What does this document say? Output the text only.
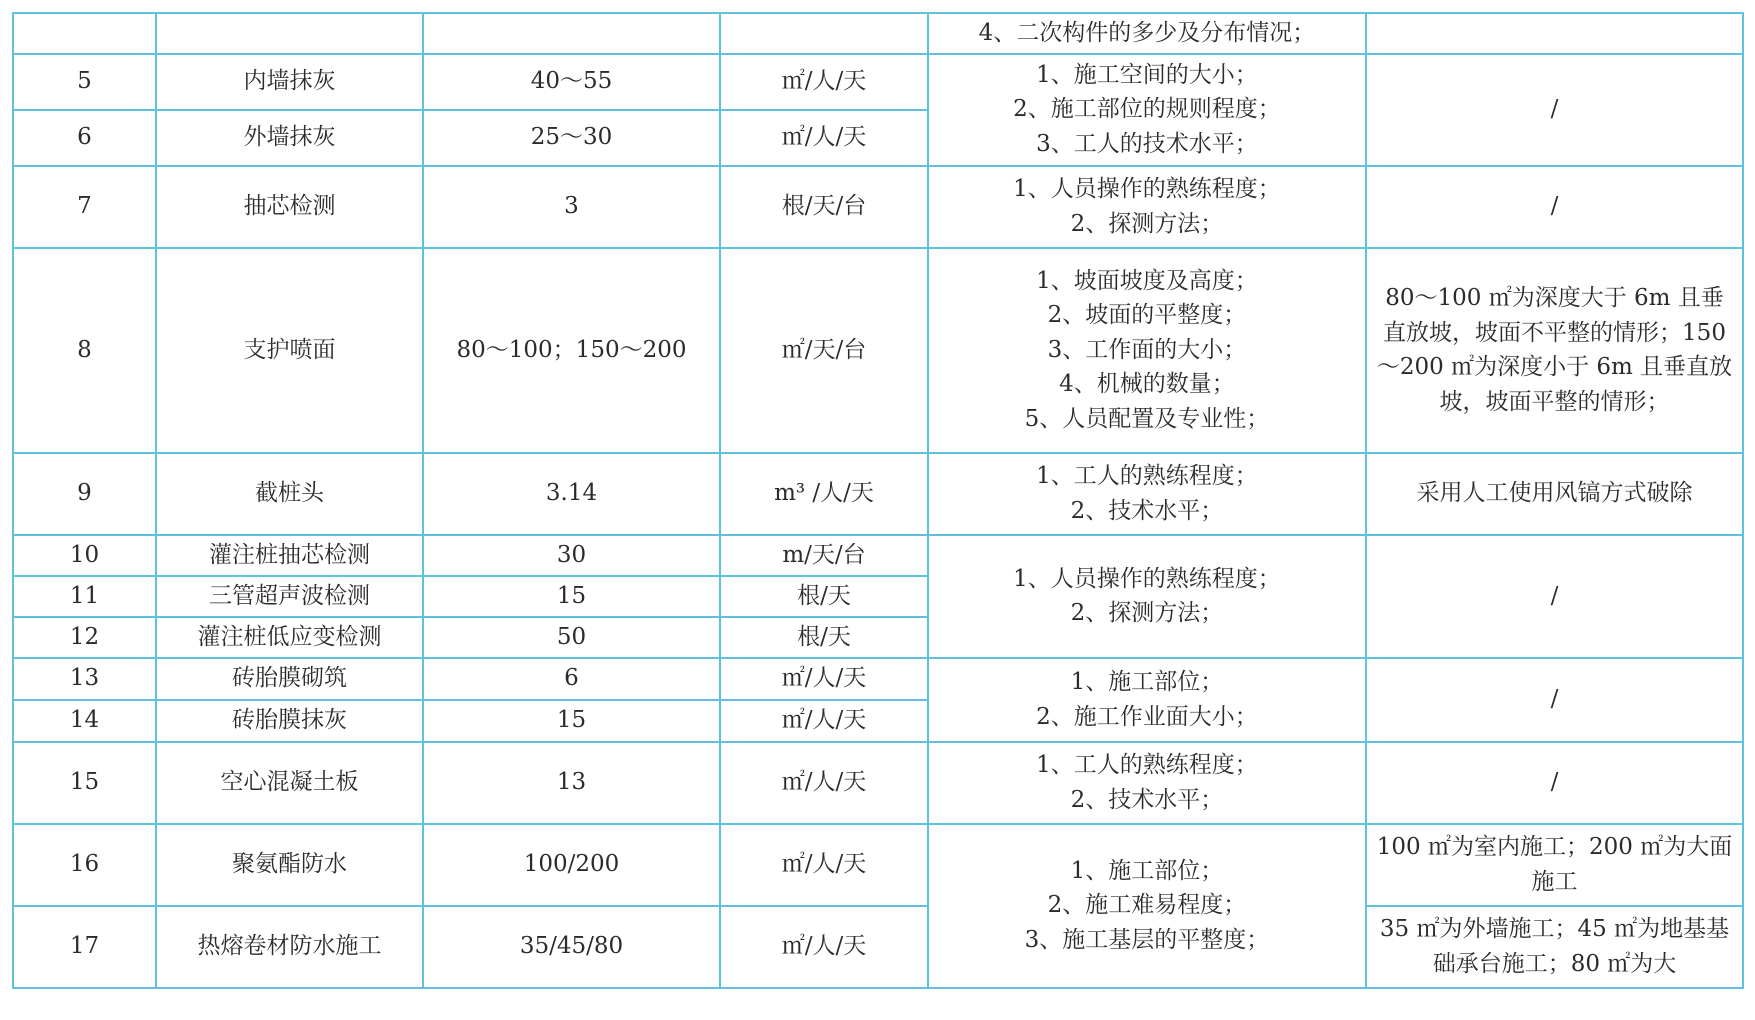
				4、二次构件的多少及分布情况；	
5	内墙抹灰	40～55	㎡/人/天	1、施工空间的大小；
2、施工部位的规则程度；
3、工人的技术水平；	/
6	外墙抹灰	25～30	㎡/人/天		
7	抽芯检测	3	根/天/台	1、人员操作的熟练程度；
2、探测方法；	/
8	支护喷面	80～100；150～200	㎡/天/台	1、坡面坡度及高度；
2、坡面的平整度；
3、工作面的大小；
4、机械的数量；
5、人员配置及专业性；	80～100 ㎡为深度大于 6m 且垂直放坡，坡面不平整的情形；150～200 ㎡为深度小于 6m 且垂直放坡，坡面平整的情形；
9	截桩头	3.14	m³ /人/天	1、工人的熟练程度；
2、技术水平；	采用人工使用风镐方式破除
10	灌注桩抽芯检测	30	m/天/台	1、人员操作的熟练程度；
2、探测方法；	/
11	三管超声波检测	15	根/天		
12	灌注桩低应变检测	50	根/天		
13	砖胎膜砌筑	6	㎡/人/天	1、施工部位；
2、施工作业面大小；	/
14	砖胎膜抹灰	15	㎡/人/天		
15	空心混凝土板	13	㎡/人/天	1、工人的熟练程度；
2、技术水平；	/
16	聚氨酯防水	100/200	㎡/人/天	1、施工部位；
2、施工难易程度；
3、施工基层的平整度；	100 ㎡为室内施工；200 ㎡为大面施工
17	热熔卷材防水施工	35/45/80	㎡/人/天		35 ㎡为外墙施工；45 ㎡为地基基础承台施工；80 ㎡为大
